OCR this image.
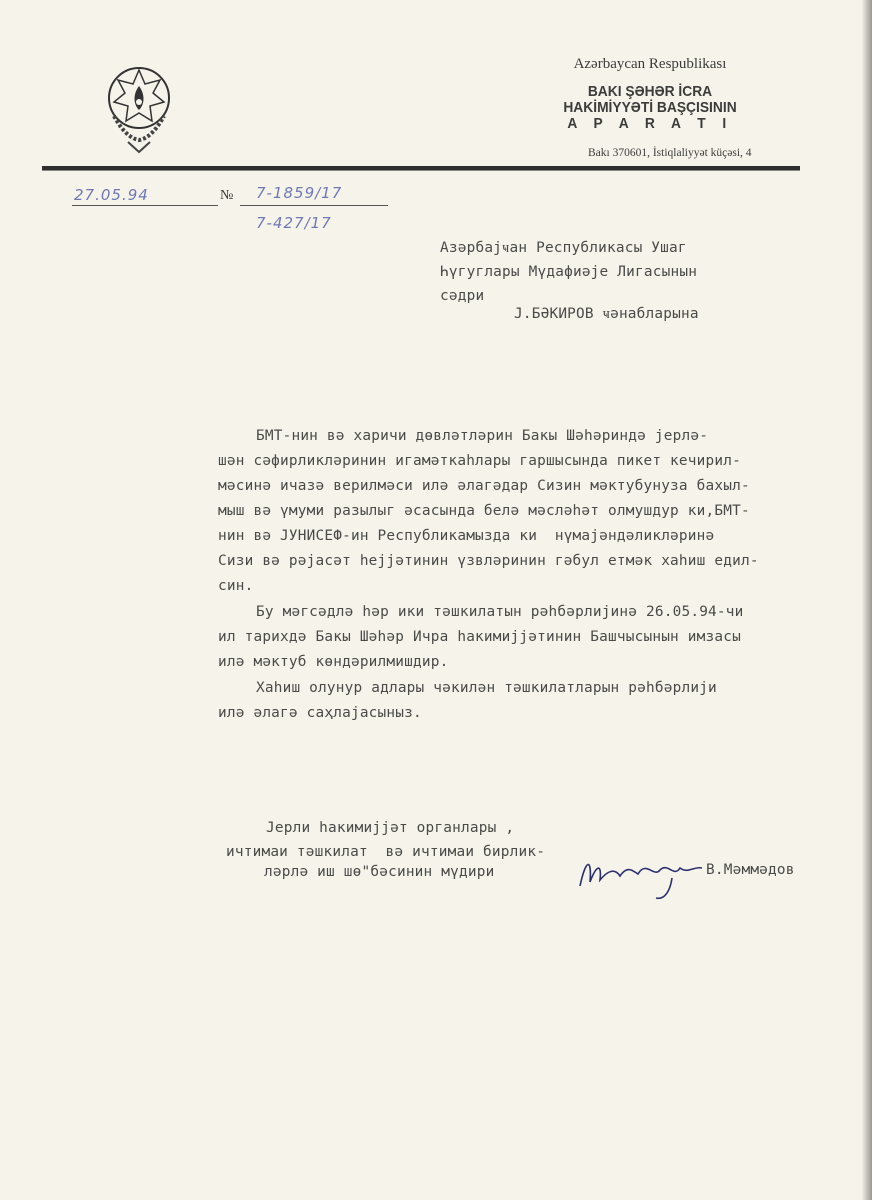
Azərbaycan Respublikası
BAKI ŞƏHƏR İCRA
HAKİMİYYƏTİ BAŞÇISININ
A P A R A T I
Bakı 370601, İstiqlaliyyət küçəsi, 4
27.05.94	№ 7-1859/17
7-427/17
Азәрбајҹан Республикасы Ушаг
Һүгуглары Мүдафиәје Лигасынын
сәдри
Ј.БӘКИРОВ ҹәнабларына
БМТ-нин вә харичи дөвләтләрин Бакы Шәһәриндә јерлә-
шән сәфирликләринин игамәткаһлары гаршысында пикет кечирил-
мәсинә ичазә верилмәси илә әлагәдар Сизин мәктубунуза бахыл-
мыш вә үмуми разылыг әсасында белә мәсләһәт олмушдур ки,БМТ-
нин вә ЈУНИСЕФ-ин Республикамызда ки  нүмајәндәликләринә
Сизи вә рәјасәт һејјәтинин үзвләринин гәбул етмәк хаһиш едил-
син.
Бу мәгсәдлә һәр ики тәшкилатын рәһбәрлијинә 26.05.94-чи
ил тарихдә Бакы Шәһәр Ичра һакимијјәтинин Башчысынын имзасы
илә мәктуб көндәрилмишдир.
Хаһиш олунур адлары чәкилән тәшкилатларын рәһбәрлији
илә әлагә саҳлајасыныз.
Јерли һакимијјәт органлары ,
ичтимаи тәшкилат  вә ичтимаи бирлик-
ләрлә иш шө"бәсинин мүдири	В.Мәммәдов
